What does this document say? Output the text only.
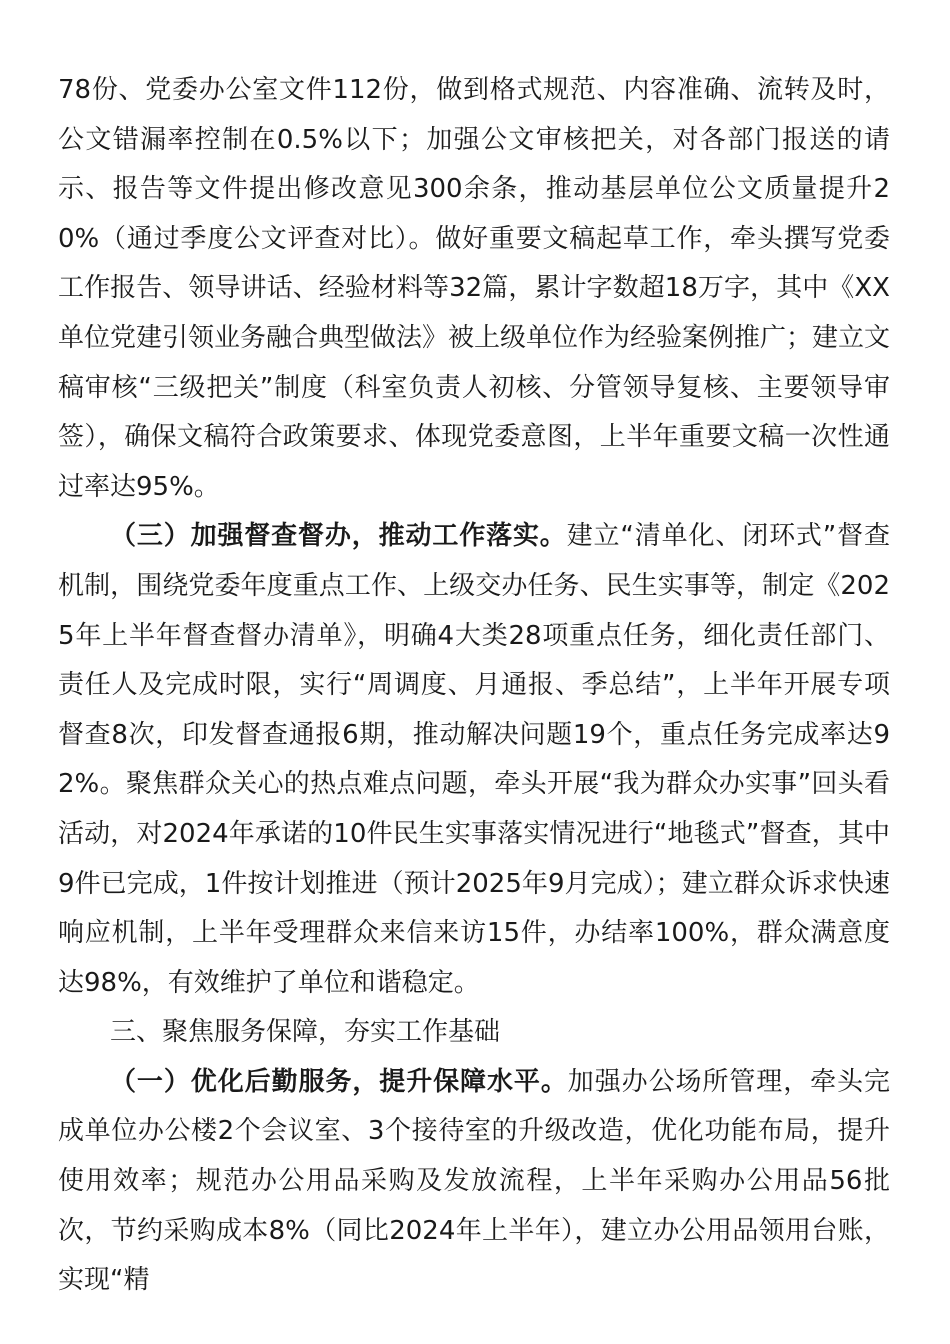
78份、党委办公室文件112份，做到格式规范、内容准确、流转及时，公文错漏率控制在0.5%以下；加强公文审核把关，对各部门报送的请示、报告等文件提出修改意见300余条，推动基层单位公文质量提升20%（通过季度公文评查对比）。做好重要文稿起草工作，牵头撰写党委工作报告、领导讲话、经验材料等32篇，累计字数超18万字，其中《XX单位党建引领业务融合典型做法》被上级单位作为经验案例推广；建立文稿审核“三级把关”制度（科室负责人初核、分管领导复核、主要领导审签），确保文稿符合政策要求、体现党委意图，上半年重要文稿一次性通过率达95%。

（三）加强督查督办，推动工作落实。建立“清单化、闭环式”督查机制，围绕党委年度重点工作、上级交办任务、民生实事等，制定《2025年上半年督查督办清单》，明确4大类28项重点任务，细化责任部门、责任人及完成时限，实行“周调度、月通报、季总结”，上半年开展专项督查8次，印发督查通报6期，推动解决问题19个，重点任务完成率达92%。聚焦群众关心的热点难点问题，牵头开展“我为群众办实事”回头看活动，对2024年承诺的10件民生实事落实情况进行“地毯式”督查，其中9件已完成，1件按计划推进（预计2025年9月完成）；建立群众诉求快速响应机制，上半年受理群众来信来访15件，办结率100%，群众满意度达98%，有效维护了单位和谐稳定。

三、聚焦服务保障，夯实工作基础

（一）优化后勤服务，提升保障水平。加强办公场所管理，牵头完成单位办公楼2个会议室、3个接待室的升级改造，优化功能布局，提升使用效率；规范办公用品采购及发放流程，上半年采购办公用品56批次，节约采购成本8%（同比2024年上半年），建立办公用品领用台账，实现“精
